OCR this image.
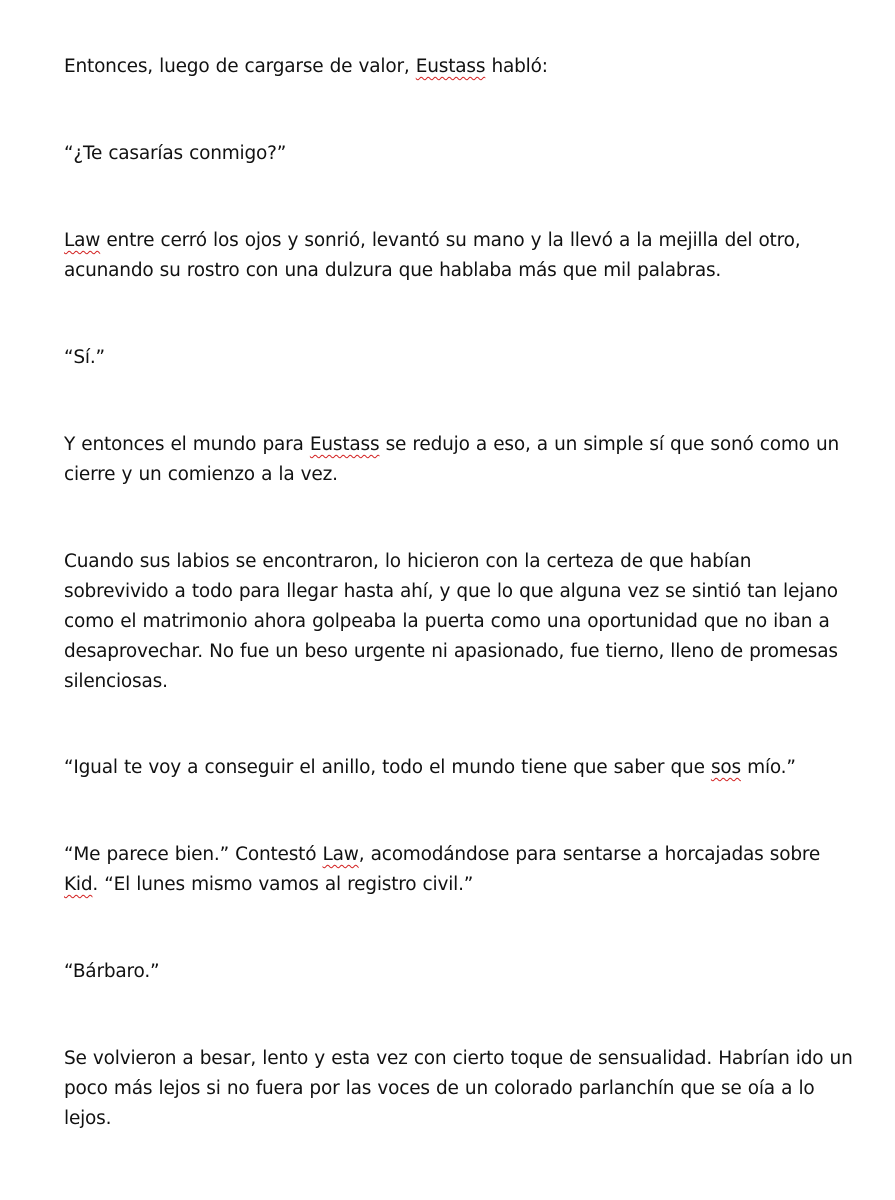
Entonces, luego de cargarse de valor, Eustass habló:

“¿Te casarías conmigo?”

Law entre cerró los ojos y sonrió, levantó su mano y la llevó a la mejilla del otro,
acunando su rostro con una dulzura que hablaba más que mil palabras.

“Sí.”

Y entonces el mundo para Eustass se redujo a eso, a un simple sí que sonó como un
cierre y un comienzo a la vez.

Cuando sus labios se encontraron, lo hicieron con la certeza de que habían
sobrevivido a todo para llegar hasta ahí, y que lo que alguna vez se sintió tan lejano
como el matrimonio ahora golpeaba la puerta como una oportunidad que no iban a
desaprovechar. No fue un beso urgente ni apasionado, fue tierno, lleno de promesas
silenciosas.

“Igual te voy a conseguir el anillo, todo el mundo tiene que saber que sos mío.”

“Me parece bien.” Contestó Law, acomodándose para sentarse a horcajadas sobre
Kid. “El lunes mismo vamos al registro civil.”

“Bárbaro.”

Se volvieron a besar, lento y esta vez con cierto toque de sensualidad. Habrían ido un
poco más lejos si no fuera por las voces de un colorado parlanchín que se oía a lo
lejos.
